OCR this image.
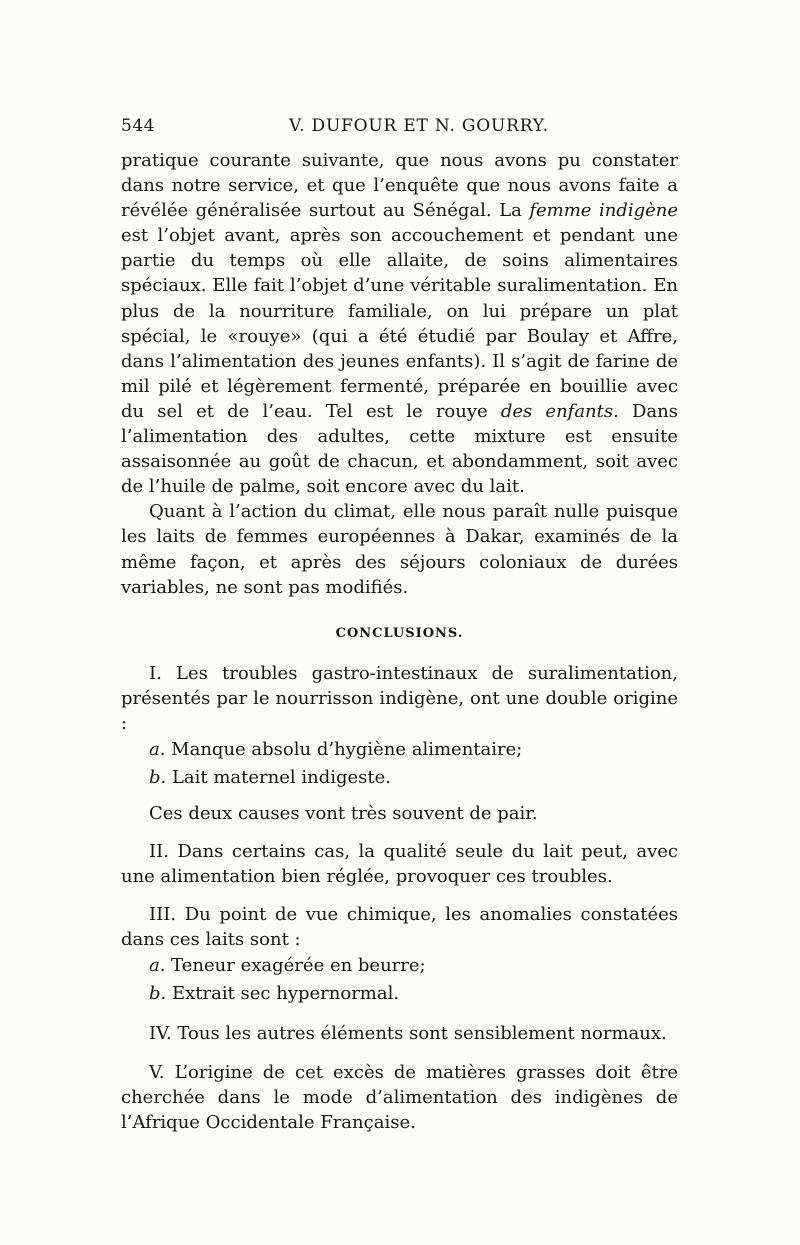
544	V. DUFOUR ET N. GOURRY.

pratique courante suivante, que nous avons pu constater dans notre service, et que l’enquête que nous avons faite a révélée généralisée surtout au Sénégal. La femme indigène est l’objet avant, après son accouchement et pendant une partie du temps où elle allaite, de soins alimentaires spéciaux. Elle fait l’objet d’une véritable suralimentation. En plus de la nourriture familiale, on lui prépare un plat spécial, le «rouye» (qui a été étudié par Boulay et Affre, dans l’alimentation des jeunes enfants). Il s’agit de farine de mil pilé et légèrement fermenté, préparée en bouillie avec du sel et de l’eau. Tel est le rouye des enfants. Dans l’alimentation des adultes, cette mixture est ensuite assaisonnée au goût de chacun, et abondamment, soit avec de l’huile de palme, soit encore avec du lait.

Quant à l’action du climat, elle nous paraît nulle puisque les laits de femmes européennes à Dakar, examinés de la même façon, et après des séjours coloniaux de durées variables, ne sont pas modifiés.

CONCLUSIONS.

I. Les troubles gastro-intestinaux de suralimentation, présentés par le nourrisson indigène, ont une double origine :

a. Manque absolu d’hygiène alimentaire;
b. Lait maternel indigeste.

Ces deux causes vont très souvent de pair.

II. Dans certains cas, la qualité seule du lait peut, avec une alimentation bien réglée, provoquer ces troubles.

III. Du point de vue chimique, les anomalies constatées dans ces laits sont :

a. Teneur exagérée en beurre;
b. Extrait sec hypernormal.

IV. Tous les autres éléments sont sensiblement normaux.

V. L’origine de cet excès de matières grasses doit être cherchée dans le mode d’alimentation des indigènes de l’Afrique Occidentale Française.
